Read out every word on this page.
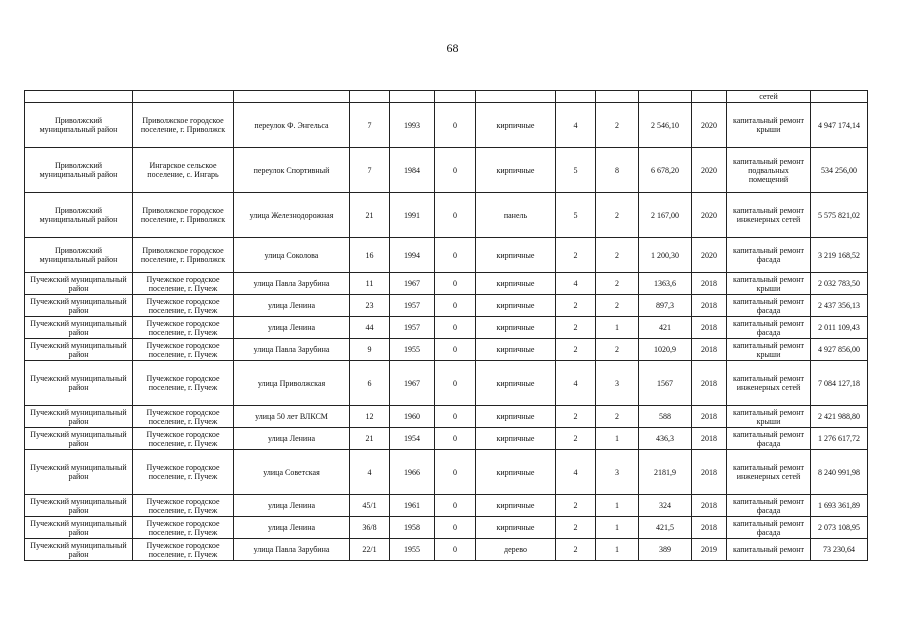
68
											сетей	
Приволжский муниципальный район	Приволжское городское поселение, г. Приволжск	переулок Ф. Энгельса	7	1993	0	кирпичные	4	2	2 546,10	2020	капитальный ремонт крыши	4 947 174,14
Приволжский муниципальный район	Ингарское сельское поселение, с. Ингарь	переулок Спортивный	7	1984	0	кирпичные	5	8	6 678,20	2020	капитальный ремонт подвальных помещений	534 256,00
Приволжский муниципальный район	Приволжское городское поселение, г. Приволжск	улица Железнодорожная	21	1991	0	панель	5	2	2 167,00	2020	капитальный ремонт инженерных сетей	5 575 821,02
Приволжский муниципальный район	Приволжское городское поселение, г. Приволжск	улица Соколова	16	1994	0	кирпичные	2	2	1 200,30	2020	капитальный ремонт фасада	3 219 168,52
Пучежский муниципальный район	Пучежское городское поселение, г. Пучеж	улица Павла Зарубина	11	1967	0	кирпичные	4	2	1363,6	2018	капитальный ремонт крыши	2 032 783,50
Пучежский муниципальный район	Пучежское городское поселение, г. Пучеж	улица Ленина	23	1957	0	кирпичные	2	2	897,3	2018	капитальный ремонт фасада	2 437 356,13
Пучежский муниципальный район	Пучежское городское поселение, г. Пучеж	улица Ленина	44	1957	0	кирпичные	2	1	421	2018	капитальный ремонт фасада	2 011 109,43
Пучежский муниципальный район	Пучежское городское поселение, г. Пучеж	улица Павла Зарубина	9	1955	0	кирпичные	2	2	1020,9	2018	капитальный ремонт крыши	4 927 856,00
Пучежский муниципальный район	Пучежское городское поселение, г. Пучеж	улица Приволжская	6	1967	0	кирпичные	4	3	1567	2018	капитальный ремонт инженерных сетей	7 084 127,18
Пучежский муниципальный район	Пучежское городское поселение, г. Пучеж	улица 50 лет ВЛКСМ	12	1960	0	кирпичные	2	2	588	2018	капитальный ремонт крыши	2 421 988,80
Пучежский муниципальный район	Пучежское городское поселение, г. Пучеж	улица Ленина	21	1954	0	кирпичные	2	1	436,3	2018	капитальный ремонт фасада	1 276 617,72
Пучежский муниципальный район	Пучежское городское поселение, г. Пучеж	улица Советская	4	1966	0	кирпичные	4	3	2181,9	2018	капитальный ремонт инженерных сетей	8 240 991,98
Пучежский муниципальный район	Пучежское городское поселение, г. Пучеж	улица Ленина	45/1	1961	0	кирпичные	2	1	324	2018	капитальный ремонт фасада	1 693 361,89
Пучежский муниципальный район	Пучежское городское поселение, г. Пучеж	улица Ленина	36/8	1958	0	кирпичные	2	1	421,5	2018	капитальный ремонт фасада	2 073 108,95
Пучежский муниципальный район	Пучежское городское поселение, г. Пучеж	улица Павла Зарубина	22/1	1955	0	дерево	2	1	389	2019	капитальный ремонт	73 230,64
